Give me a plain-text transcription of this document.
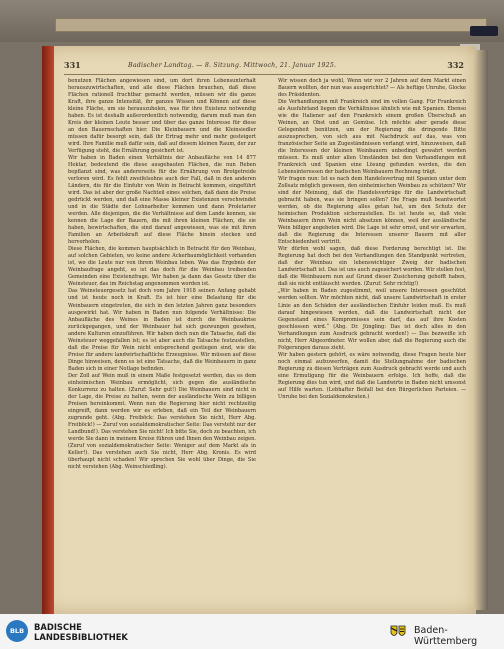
331	Badischer Landtag. — 8. Sitzung. Mittwoch, 21. Januar 1925.	332

benutzen Flächen angewiesen sind, um dort ihren Lebensunterhalt herauszuwirtschaften, und alle diese Flächen brauchen, daß diese Flächen rationell fruchtbar gemacht werden, müssen wir die ganze Kraft, ihre ganze Intensität, ihr ganzes Wissen und Können auf diese kleine Fläche, um sie herauszuholen, was für ihre Existenz notwendig haben. Es ist deshalb außerordentlich notwendig, darum muß man den Kreis der kleinen Leute besser und über das ganze Interesse für diese an den Bauernschaften hier. Die Kleinbauern und die Kleinsiedler müssen dafür besorgt sein, daß ihr Ertrag mehr und mehr gesteigert wird. Ihre Familie muß dafür sein, daß auf diesem kleinen Raum, der zur Verfügung steht, die Ernährung gesichert ist.

Wir haben in Baden einen Verhältnis der Anbaufläche von 14 877 Hektar, bedeutend die diese ausgebauten Flächen, die nun Reben bepflanzt sind, was andererseits für die Ernährung von Brotgetreide verloren wird. Es fehlt zweifelsohne auch der Fall, daß in den anderen Ländern, die für die Einfuhr von Wein in Betracht kommen, eingeführt wird. Das ist aber der große Nachteil eines solchen, daß dann die Preise gedrückt werden, und daß eine Masse kleiner Existenzen verschwindet und in die Städte der Lohnarbeiter kommen und dann Proletarier werden. Alle diejenigen, die die Verhältnisse auf dem Lande kennen, sie kennen die Lage der Bauern, die mit ihren kleinen Flächen, die sie haben, bewirtschaften, die sind darauf angewiesen, was sie mit ihren Familien an Arbeitskraft auf diese Fläche hinein stecken und hervorholen.

Diese Flächen, die kommen hauptsächlich in Betracht für den Weinbau, auf solchen Gebieten, wo keine andere Ackerbaumöglichkeit vorhanden ist, wo die Leute nur von ihrem Weinbau leben. Was das Ergebnis der Weinbaufrage angeht, so ist das doch für die Weinbau treibenden Gemeinden eine Existenzfrage. Wir haben ja dann das Gesetz über die Weinsteuer, das im Reichstag angenommen worden ist.

Das Weinsteuergesetz hat doch vom Jahre 1918 seinen Anfang gehabt und ist heute noch in Kraft. Es ist hier eine Belastung für die Weinbauern eingetreten, die sich in den letzten Jahren ganz besonders ausgewirkt hat. Wir haben in Baden nun folgende Verhältnisse: Die Anbaufläche des Weines in Baden ist durch die Weinbaukrise zurückgegangen, und der Weinbauer hat sich gezwungen gesehen, andere Kulturen einzuführen. Wir haben doch nun die Tatsache, daß die Weinsteuer weggefallen ist; es ist aber auch die Tatsache festzustellen, daß die Preise für Wein nicht entsprechend gestiegen sind, wie die Preise für andere landwirtschaftliche Erzeugnisse. Wir müssen auf diese Dinge hinweisen, denn es ist eine Tatsache, daß die Weinbauern in ganz Baden sich in einer Notlage befinden.

Der Zoll auf Wein muß in einem Maße festgesetzt werden, das es dem einheimischen Weinbau ermöglicht, sich gegen die ausländische Konkurrenz zu halten. (Zuruf: Sehr gut!) Die Weinbauern sind nicht in der Lage, die Preise zu halten, wenn der ausländische Wein zu billigen Preisen hereinkommt. Wenn nun die Regierung hier nicht rechtzeitig eingreift, dann werden wir es erleben, daß ein Teil der Weinbauern zugrunde geht. (Abg. Freiböck: Das verstehen Sie nicht, Herr Abg. Freiböck!) — Zuruf von sozialdemokratischer Seite: Das versteht nur der Landbund!). Das verstehen Sie nicht! Ich bitte Sie, doch zu beachten, ich werde Sie dann in meinem Kreise führen und Ihnen den Weinbau zeigen. (Zuruf von sozialdemokratischer Seite: Weniger auf dem Markt als in Keller!). Das verstehen auch Sie nicht, Herr Abg. Kronis. Es wird überhaupt nicht schaden! Wir sprechen Sie wohl über Dinge, die Sie nicht verstehen (Abg. Weinschiedling).

Wir wissen doch ja wohl, Wenn wir vor 2 Jahren auf dem Markt einen Bauern wollten, der nun was ausgerichtet? — Als heftige Unruhe, Glocke des Präsidenten.

Die Verhandlungen mit Frankreich sind im vollen Gang. Für Frankreich als Ausfuhrland liegen die Verhältnisse ähnlich wie mit Spanien. Ebenso wie die Italiener auf den Frankreich einem großen Überschuß an Weinen, an Obst und an Gemüse. Ich möchte aber gerade diese Gelegenheit benützen, um der Regierung die dringende Bitte auszusprechen, von sich aus mit Nachdruck auf das, was von französischer Seite an Zugeständnissen verlangt wird, hinzuweisen, daß die Interessen der kleinen Weinbauern unbedingt gewahrt werden müssen. Es muß unter allen Umständen bei den Verhandlungen mit Frankreich und Spanien eine Lösung gefunden werden, die den Lebensinteressen der badischen Weinbauern Rechnung trägt.

Wir fragen nun: Ist es nach dem Handelsvertrag mit Spanien unter dem Zollsatz möglich gewesen, den einheimischen Weinbau zu schützen? Wir sind der Meinung, daß die Handelsverträge für die Landwirtschaft gebracht haben, was sie bringen sollen? Die Frage muß beantwortet werden, ob die Regierung alles getan hat, um den Schutz der heimischen Produktion sicherzustellen. Es ist heute so, daß viele Weinbauern ihren Wein nicht absetzen können, weil der ausländische Wein billiger angeboten wird. Die Lage ist sehr ernst, und wir erwarten, daß die Regierung die Interessen unserer Bauern mit aller Entschiedenheit vertritt.

Wir dürfen wohl sagen, daß diese Forderung berechtigt ist. Die Regierung hat doch bei den Verhandlungen den Standpunkt vertreten, daß der Weinbau ein lebenswichtiger Zweig der badischen Landwirtschaft ist. Das ist uns auch zugesichert worden. Wir stellen fest, daß die Weinbauern nun auf Grund dieser Zusicherung gehofft haben, daß sie nicht enttäuscht werden. (Zuruf: Sehr richtig!)

„Wir haben in Baden zugestimmt, weil unsere Interessen geschützt werden sollten. Wir möchten nicht, daß unsere Landwirtschaft in erster Linie an den Schäden der ausländischen Einfuhr leiden muß. Es muß darauf hingewiesen werden, daß die Landwirtschaft nicht der Gegenstand eines Kompromisses sein darf, das auf ihre Kosten geschlossen wird.“ (Abg. Dr. Jüngling: Das ist doch alles in den Verhandlungen zum Ausdruck gebracht worden!) — Das bezweifle ich nicht, Herr Abgeordneter. Wir wollen aber, daß die Regierung auch die Folgerungen daraus zieht.

Wir haben gestern gehört, es wäre notwendig, diese Fragen heute hier noch einmal aufzuwerfen, damit die Stellungnahme der badischen Regierung zu diesen Verträgen zum Ausdruck gebracht werde und auch eine Ermutigung für die Weinbauern erfolge. Ich hoffe, daß die Regierung dies tun wird, und daß die Landwirte in Baden nicht umsonst auf Hilfe warten. (Lebhafter Beifall bei den Bürgerlichen Parteien. — Unruhe bei den Sozialdemokraten.)

BLB	BADISCHE
LANDESBIBLIOTHEK
Baden-Württemberg
